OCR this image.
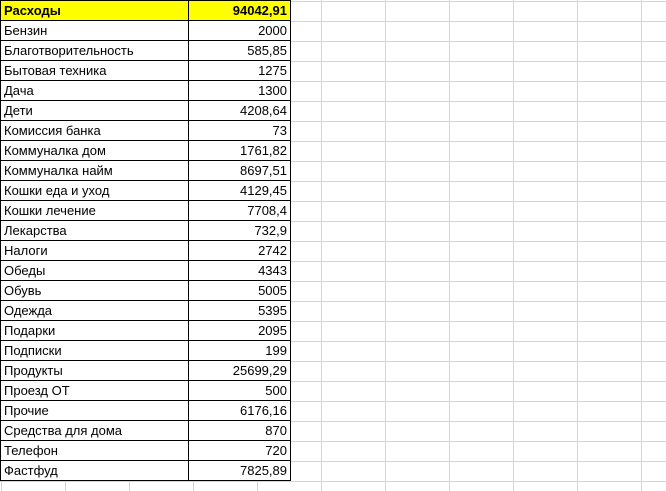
Расходы	94042,91
Бензин	2000
Благотворительность	585,85
Бытовая техника	1275
Дача	1300
Дети	4208,64
Комиссия банка	73
Коммуналка дом	1761,82
Коммуналка найм	8697,51
Кошки еда и уход	4129,45
Кошки лечение	7708,4
Лекарства	732,9
Налоги	2742
Обеды	4343
Обувь	5005
Одежда	5395
Подарки	2095
Подписки	199
Продукты	25699,29
Проезд ОТ	500
Прочие	6176,16
Средства для дома	870
Телефон	720
Фастфуд	7825,89
